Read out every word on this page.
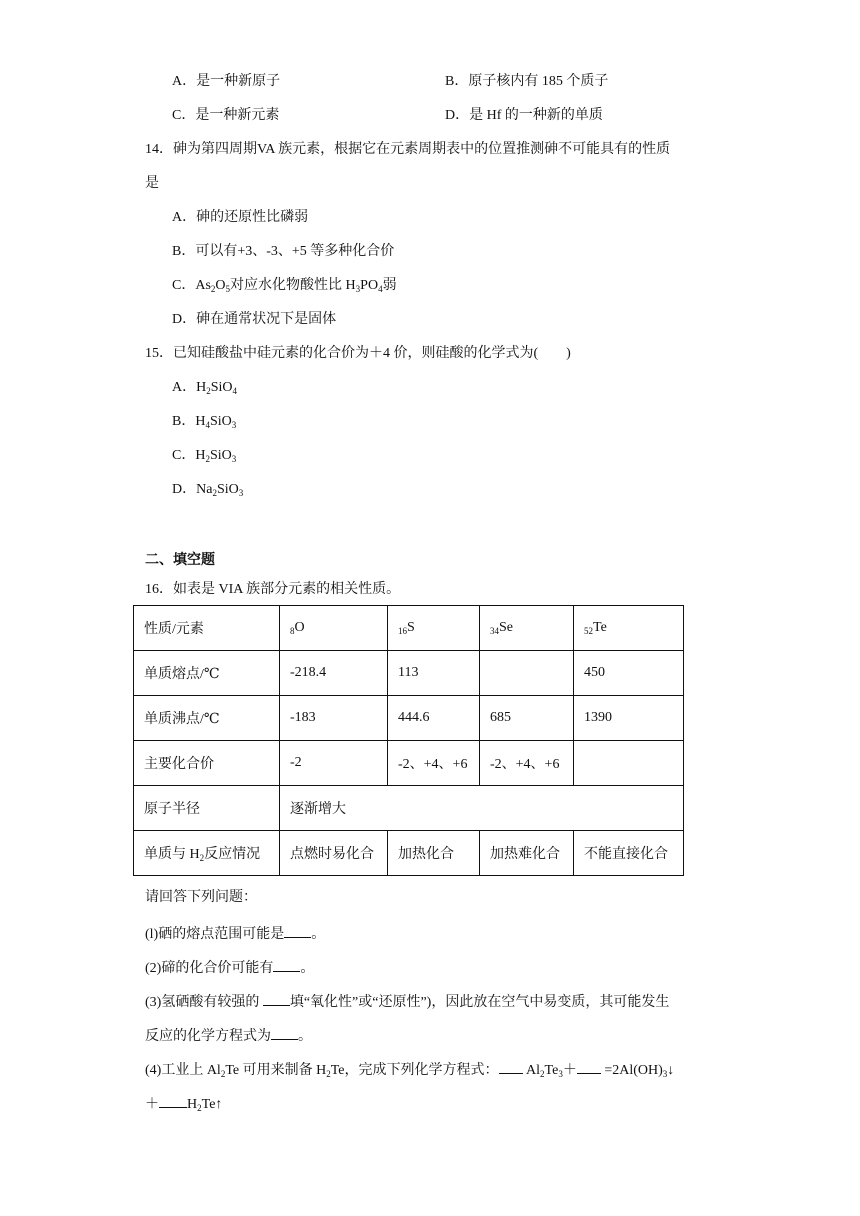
A．是一种新原子	B．原子核内有 185 个质子
C．是一种新元素	D．是 Hf 的一种新的单质
14．砷为第四周期VA 族元素，根据它在元素周期表中的位置推测砷不可能具有的性质
是
A．砷的还原性比磷弱
B．可以有+3、-3、+5 等多种化合价
C．$As_2O_5$对应水化物酸性比 $H_3PO_4$弱
D．砷在通常状况下是固体
15．已知硅酸盐中硅元素的化合价为＋4 价，则硅酸的化学式为(　　)
A．$H_2SiO_4$
B．$H_4SiO_3$
C．$H_2SiO_3$
D．$Na_2SiO_3$
二、填空题
16．如表是 VIA 族部分元素的相关性质。
性质/元素	$_8$O	$_{16}$S	$_{34}$Se	$_{52}$Te
单质熔点/℃	-218.4	113		450
单质沸点/℃	-183	444.6	685	1390
主要化合价	-2	-2、+4、+6	-2、+4、+6	
原子半径	逐渐增大			
单质与 $H_2$反应情况	点燃时易化合	加热化合	加热难化合	不能直接化合
请回答下列问题：
(l)硒的熔点范围可能是 。
(2)碲的化合价可能有 。
(3)氢硒酸有较强的 填“氧化性”或“还原性”)，因此放在空气中易变质，其可能发生
反应的化学方程式为 。
(4)工业上 $Al_2Te$ 可用来制备 $H_2Te$，完成下列化学方程式： $Al_2Te_3+$ $=2Al(OH)_3↓$
＋ $H_2Te↑$
